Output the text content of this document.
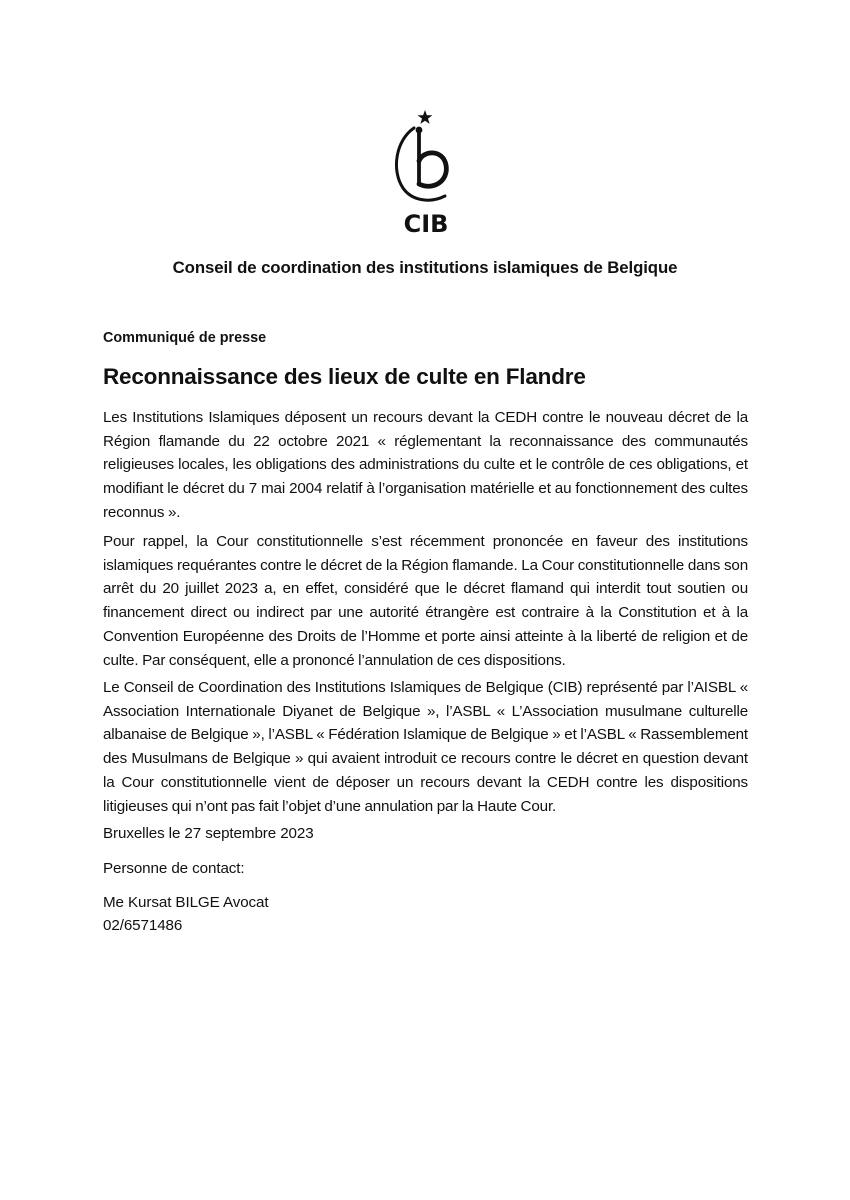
CIB
Conseil de coordination des institutions islamiques de Belgique
Communiqué de presse
Reconnaissance des lieux de culte en Flandre

Les Institutions Islamiques déposent un recours devant la CEDH contre le nouveau décret de la Région flamande du 22 octobre 2021 « réglementant la reconnaissance des communautés religieuses locales, les obligations des administrations du culte et le contrôle de ces obligations, et modifiant le décret du 7 mai 2004 relatif à l’organisation matérielle et au fonctionnement des cultes reconnus ».

Pour rappel, la Cour constitutionnelle s’est récemment prononcée en faveur des institutions islamiques requérantes contre le décret de la Région flamande. La Cour constitutionnelle dans son arrêt du 20 juillet 2023 a, en effet, considéré que le décret flamand qui interdit tout soutien ou financement direct ou indirect par une autorité étrangère est contraire à la Constitution et à la Convention Européenne des Droits de l’Homme et porte ainsi atteinte à la liberté de religion et de culte. Par conséquent, elle a prononcé l’annulation de ces dispositions.

Le Conseil de Coordination des Institutions Islamiques de Belgique (CIB) représenté par l’AISBL « Association Internationale Diyanet de Belgique », l’ASBL « L’Association musulmane culturelle albanaise de Belgique », l’ASBL « Fédération Islamique de Belgique » et l’ASBL « Rassemblement des Musulmans de Belgique » qui avaient introduit ce recours contre le décret en question devant la Cour constitutionnelle vient de déposer un recours devant la CEDH contre les dispositions litigieuses qui n’ont pas fait l’objet d’une annulation par la Haute Cour.

Bruxelles le 27 septembre 2023
Personne de contact:
Me Kursat BILGE Avocat
02/6571486
